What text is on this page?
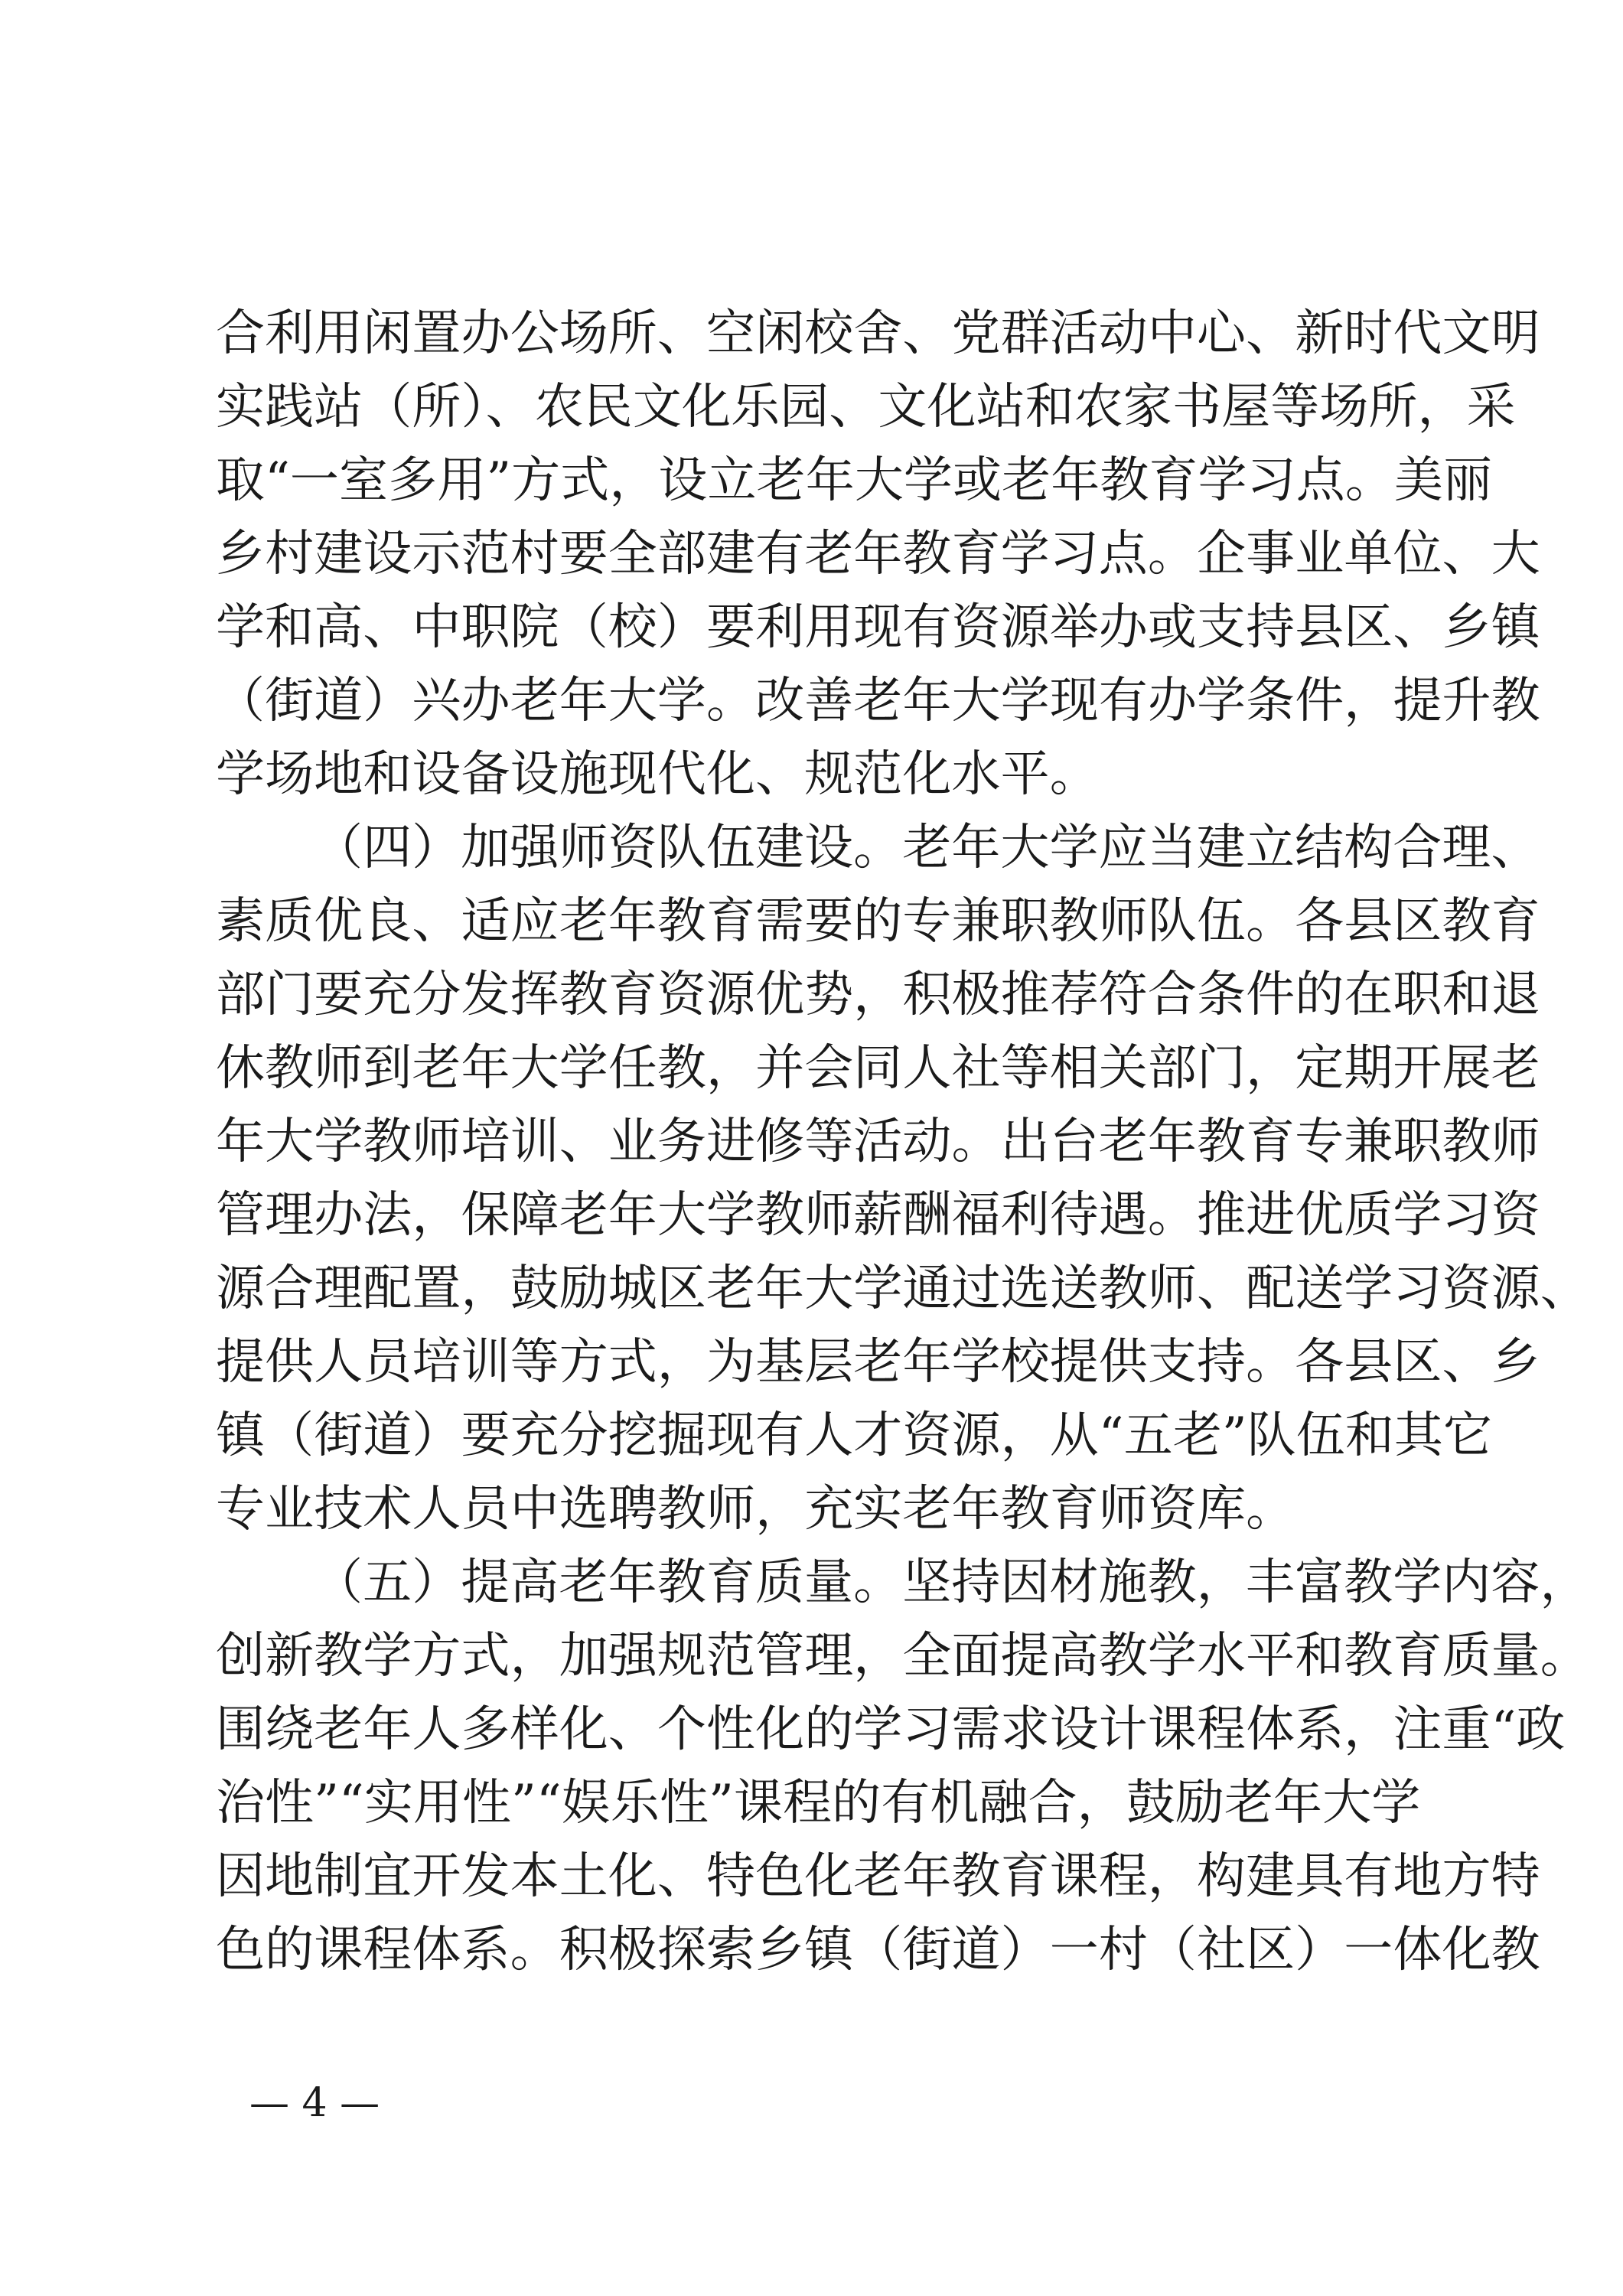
合利用闲置办公场所、空闲校舍、党群活动中心、新时代文明
实践站（所）、农民文化乐园、文化站和农家书屋等场所，采
取“一室多用”方式，设立老年大学或老年教育学习点。美丽
乡村建设示范村要全部建有老年教育学习点。企事业单位、大
学和高、中职院（校）要利用现有资源举办或支持县区、乡镇
（街道）兴办老年大学。改善老年大学现有办学条件，提升教
学场地和设备设施现代化、规范化水平。
（四）加强师资队伍建设。老年大学应当建立结构合理、
素质优良、适应老年教育需要的专兼职教师队伍。各县区教育
部门要充分发挥教育资源优势，积极推荐符合条件的在职和退
休教师到老年大学任教，并会同人社等相关部门，定期开展老
年大学教师培训、业务进修等活动。出台老年教育专兼职教师
管理办法，保障老年大学教师薪酬福利待遇。推进优质学习资
源合理配置，鼓励城区老年大学通过选送教师、配送学习资源、
提供人员培训等方式，为基层老年学校提供支持。各县区、乡
镇（街道）要充分挖掘现有人才资源，从“五老”队伍和其它
专业技术人员中选聘教师，充实老年教育师资库。
（五）提高老年教育质量。坚持因材施教，丰富教学内容，
创新教学方式，加强规范管理，全面提高教学水平和教育质量。
围绕老年人多样化、个性化的学习需求设计课程体系，注重“政
治性”“实用性”“娱乐性”课程的有机融合，鼓励老年大学
因地制宜开发本土化、特色化老年教育课程，构建具有地方特
色的课程体系。积极探索乡镇（街道）一村（社区）一体化教
— 4 —
